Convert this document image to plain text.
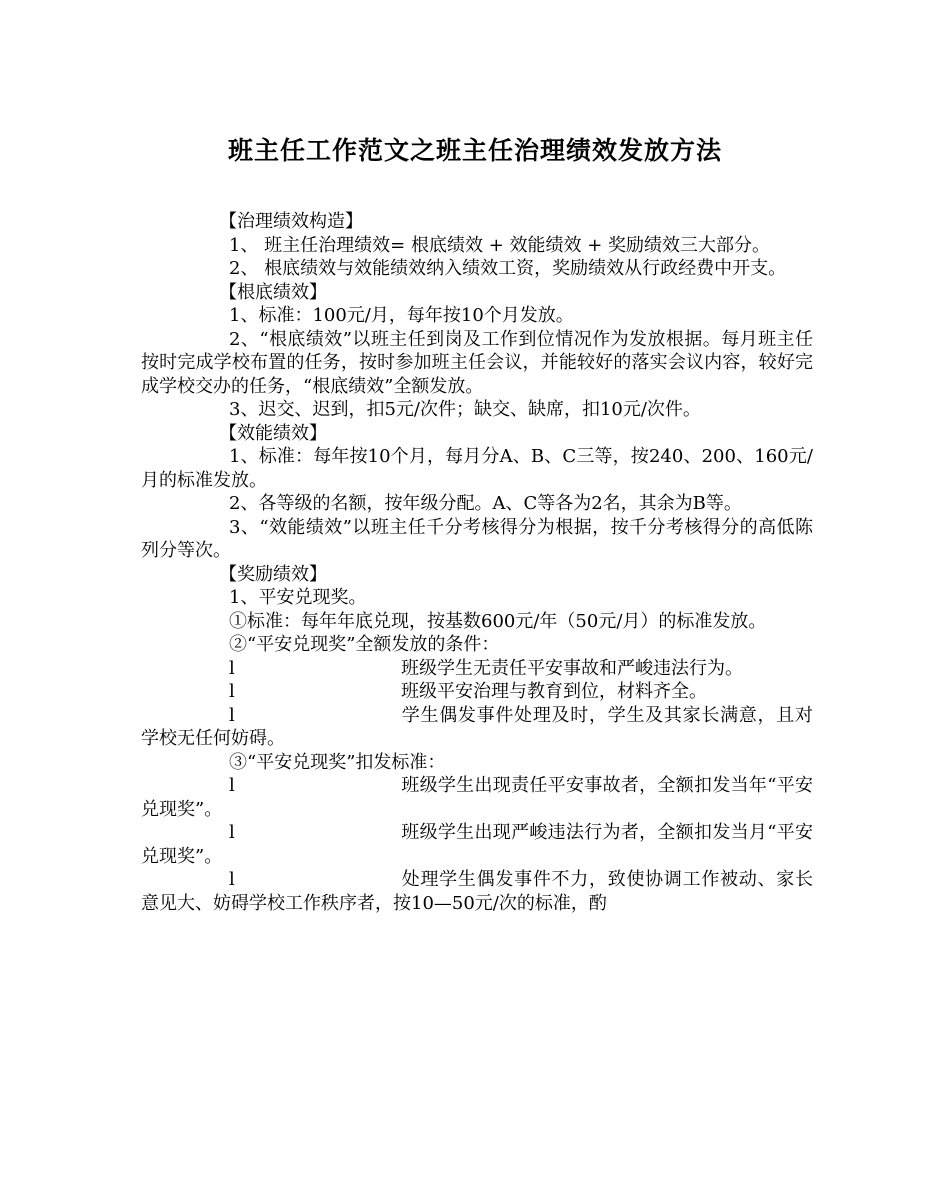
班主任工作范文之班主任治理绩效发放方法

【治理绩效构造】

1、 班主任治理绩效= 根底绩效 + 效能绩效 + 奖励绩效三大部分。

2、 根底绩效与效能绩效纳入绩效工资，奖励绩效从行政经费中开支。

【根底绩效】

1、标准：100元/月，每年按10个月发放。

2、“根底绩效”以班主任到岗及工作到位情况作为发放根据。每月班主任按时完成学校布置的任务，按时参加班主任会议，并能较好的落实会议内容，较好完成学校交办的任务，“根底绩效”全额发放。

3、迟交、迟到，扣5元/次件；缺交、缺席，扣10元/次件。

【效能绩效】

1、标准：每年按10个月，每月分A、B、C三等，按240、200、160元/月的标准发放。

2、各等级的名额，按年级分配。A、C等各为2名，其余为B等。

3、“效能绩效”以班主任千分考核得分为根据，按千分考核得分的高低陈列分等次。

【奖励绩效】

1、平安兑现奖。

①标准：每年年底兑现，按基数600元/年（50元/月）的标准发放。

②“平安兑现奖”全额发放的条件：

l	班级学生无责任平安事故和严峻违法行为。

l	班级平安治理与教育到位，材料齐全。

l	学生偶发事件处理及时，学生及其家长满意，且对学校无任何妨碍。

③“平安兑现奖”扣发标准：

l	班级学生出现责任平安事故者，全额扣发当年“平安兑现奖”。

l	班级学生出现严峻违法行为者，全额扣发当月“平安兑现奖”。

l	处理学生偶发事件不力，致使协调工作被动、家长意见大、妨碍学校工作秩序者，按10—50元/次的标准，酌
